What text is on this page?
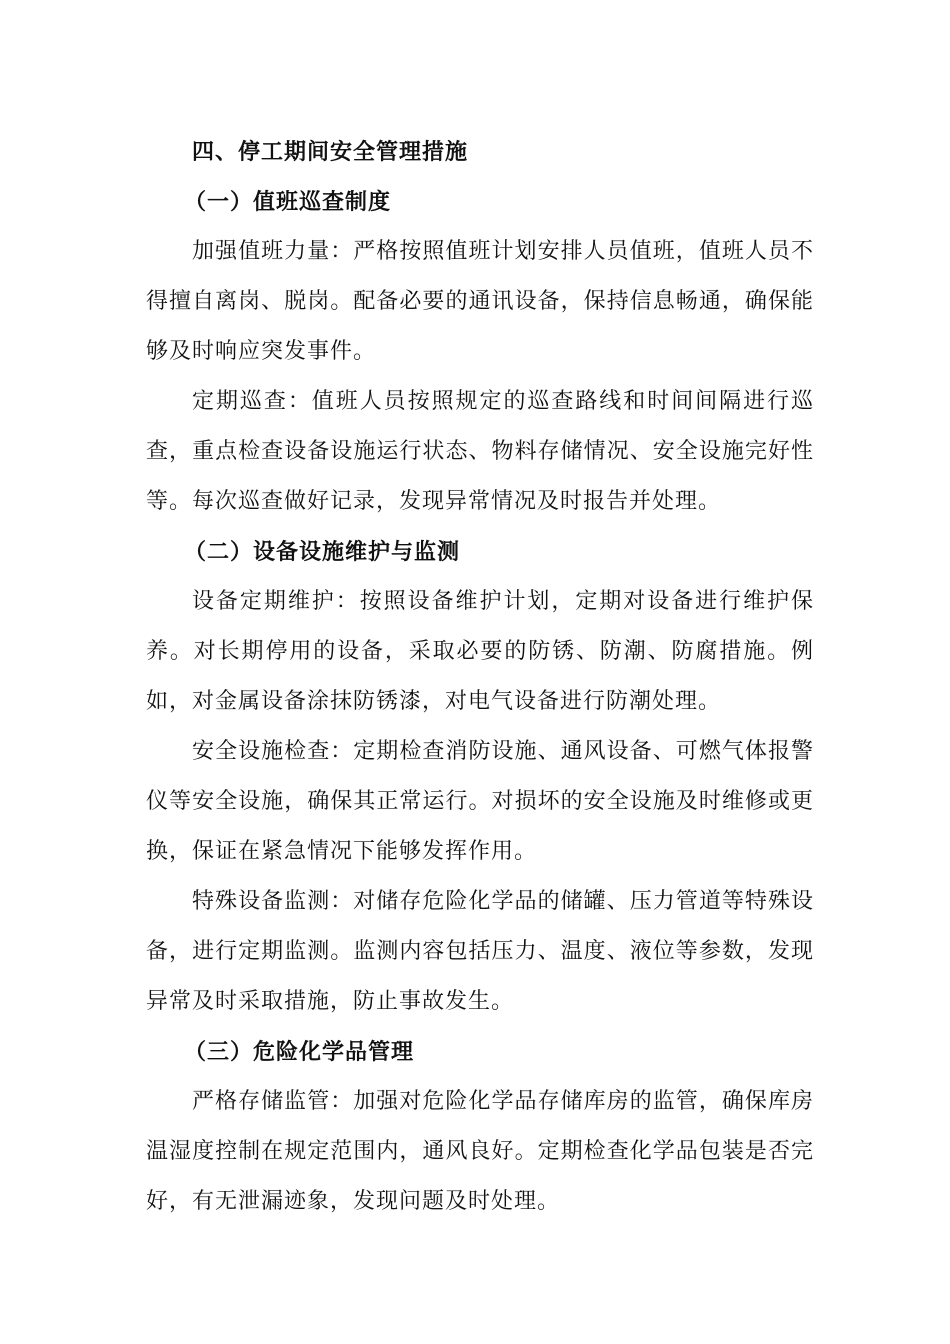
四、停工期间安全管理措施
（一）值班巡查制度

加强值班力量：严格按照值班计划安排人员值班，值班人员不得擅自离岗、脱岗。配备必要的通讯设备，保持信息畅通，确保能够及时响应突发事件。

定期巡查：值班人员按照规定的巡查路线和时间间隔进行巡查，重点检查设备设施运行状态、物料存储情况、安全设施完好性等。每次巡查做好记录，发现异常情况及时报告并处理。

（二）设备设施维护与监测

设备定期维护：按照设备维护计划，定期对设备进行维护保养。对长期停用的设备，采取必要的防锈、防潮、防腐措施。例如，对金属设备涂抹防锈漆，对电气设备进行防潮处理。

安全设施检查：定期检查消防设施、通风设备、可燃气体报警仪等安全设施，确保其正常运行。对损坏的安全设施及时维修或更换，保证在紧急情况下能够发挥作用。

特殊设备监测：对储存危险化学品的储罐、压力管道等特殊设备，进行定期监测。监测内容包括压力、温度、液位等参数，发现异常及时采取措施，防止事故发生。

（三）危险化学品管理

严格存储监管：加强对危险化学品存储库房的监管，确保库房温湿度控制在规定范围内，通风良好。定期检查化学品包装是否完好，有无泄漏迹象，发现问题及时处理。
